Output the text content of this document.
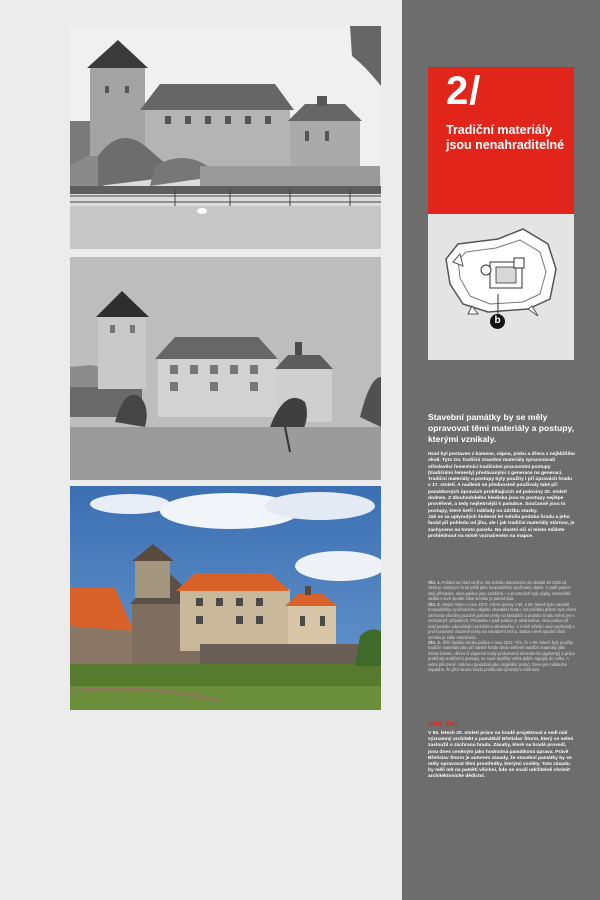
2/
Tradiční materiály jsou nenahraditelné
b
Stavební památky by se měly opravovat těmi materiály a postupy, kterými vznikaly.

Hrad byl postaven z kamene, vápna, písku a dřeva z nejbližšího okolí. Tyto tzv. tradiční stavební materiály zpracovávali středověcí řemeslníci tradičními pracovními postupy (tradičními řemesly) předávanými z generace na generaci. Tradiční materiály a postupy byly použity i při úpravách hradu v 17. století. A nadlesti se přednostně používaly také při památkových úpravách probíhajících od poloviny 20. století dodnes. Z dlouhodobého hlediska jsou to postupy nejlépe prověřené, a tedy nejšetrnější k památce. Současně jsou to postupy, které šetří i náklady na údržbu stavby.

Jak se za uplynulých šedesát let měnila podoba hradu a jeho fasád při pohledu od jihu, ale i jak tradiční materiály stárnou, je zachyceno na tomto panelu. Na vlastní oči si místo můžete prohlédnout na místě vyznačeném na mapce.

Obr. 1. Pohled na hrad od jihu. Na snímku datovaném do období let 1920 až 1940 je zachycen hrad ještě jako hospodářský využívaný objekt. V patě paláce stojí přístavba, okna paláce jsou zazděná – v prostorách byly sýpky, stanoviště sadba v levé spodní části snímku je patrná lípa.

Obr. 2. Stejné místo v roce 1973. Cílem úpravy v 50. a 60. letech bylo navrátit hospodářsky využívanému objektu charakter hradu. Od počátku přitom bylo cílem zachovat všechny pozdně gotické prvky na fasádách a podobu hradu měnit jen v nezbytných případech. Přístavba v patě paláce je odstraněna, okna paláce již mají podobu odpovídající pozdnímu středověku. V místě střešní vaze pozůstalý v první polovině osazené prvky na navrácení vrchu. Staba v levé spodní části snímku je stále nedotčená.

Obr. 3. Jižní fasáda zámku paláce v roce 2012. Tím, že v 50. letech byly použity tradiční materiály jako při stavbě hradu (tedy ověřené tradiční materiály jako místní kámen, dřevo či vápenné malty probarvené minerálními pigmenty) a práce probíhaly tradičními postupy, se nové doplňky velmi dobře zapojily do celku. A velmi přirozeně i stárnou (podobně jako originální prvky). Dnes jen málokoho napadne, že jižní strana hradu prošla tak výraznými změnami.

Víte, že?
V 50. letech 20. století práce na hradě projektoval a vedl náš významný architekt a památkář Břetislav Štorm, který se velmi zasloužil o záchranu hradu. Zásahy, které na hradě provedl, jsou dnes ceněným jako hodnotná památková úprava. Právě Břetislav Štorm je autorem zásady, že stavební památky by se měly opravovat těmi prostředky, kterými vznikly. Tuto zásadu by měli mít na paměti všichni, kdo se snaží udržitelně chránit architektonické dědictví.
